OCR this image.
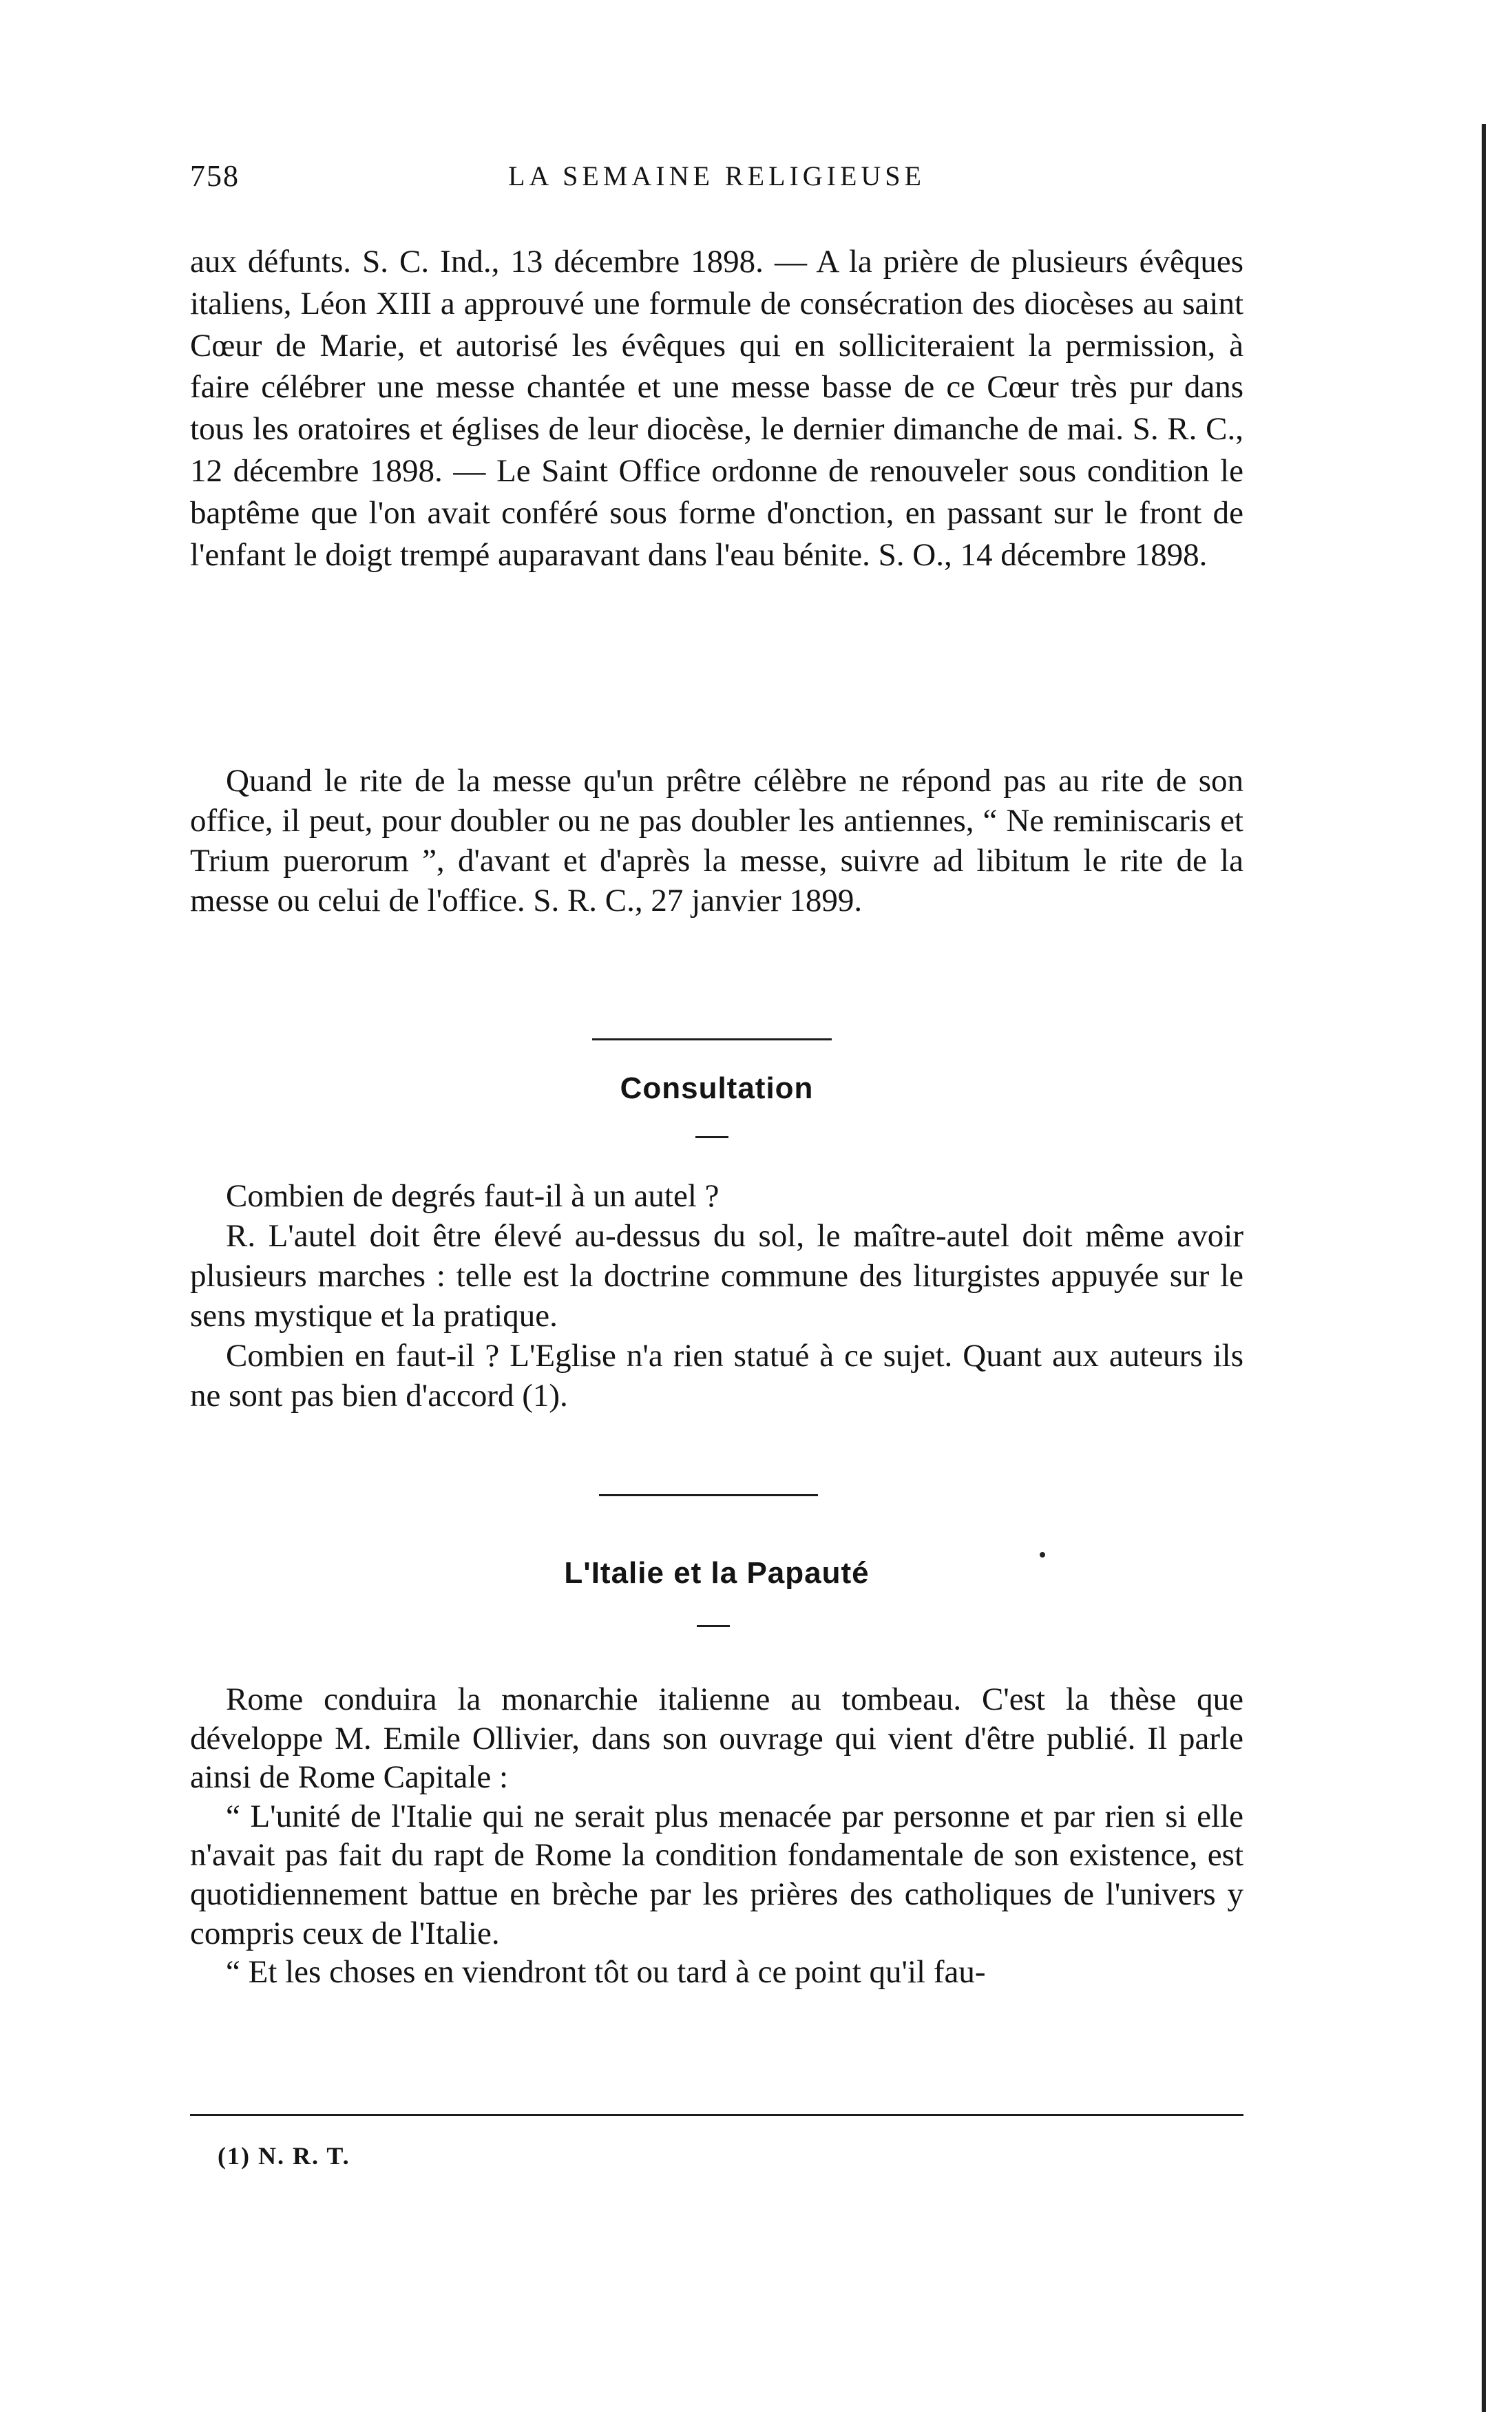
758	LA SEMAINE RELIGIEUSE

aux défunts. S. C. Ind., 13 décembre 1898. — A la prière de plusieurs évêques italiens, Léon XIII a approuvé une formule de consécration des diocèses au saint Cœur de Marie, et autorisé les évêques qui en solliciteraient la permission, à faire célébrer une messe chantée et une messe basse de ce Cœur très pur dans tous les oratoires et églises de leur diocèse, le dernier dimanche de mai. S. R. C., 12 décembre 1898. — Le Saint Office ordonne de renouveler sous condition le baptême que l'on avait conféré sous forme d'onction, en passant sur le front de l'enfant le doigt trempé auparavant dans l'eau bénite. S. O., 14 décembre 1898.

Quand le rite de la messe qu'un prêtre célèbre ne répond pas au rite de son office, il peut, pour doubler ou ne pas doubler les antiennes, “ Ne reminiscaris et Trium puerorum ”, d'avant et d'après la messe, suivre ad libitum le rite de la messe ou celui de l'office. S. R. C., 27 janvier 1899.

Consultation

Combien de degrés faut-il à un autel ?

R. L'autel doit être élevé au-dessus du sol, le maître-autel doit même avoir plusieurs marches : telle est la doctrine commune des liturgistes appuyée sur le sens mystique et la pratique.

Combien en faut-il ? L'Eglise n'a rien statué à ce sujet. Quant aux auteurs ils ne sont pas bien d'accord (1).

L'Italie et la Papauté

Rome conduira la monarchie italienne au tombeau. C'est la thèse que développe M. Emile Ollivier, dans son ouvrage qui vient d'être publié. Il parle ainsi de Rome Capitale :

“ L'unité de l'Italie qui ne serait plus menacée par personne et par rien si elle n'avait pas fait du rapt de Rome la condition fondamentale de son existence, est quotidiennement battue en brèche par les prières des catholiques de l'univers y compris ceux de l'Italie.

“ Et les choses en viendront tôt ou tard à ce point qu'il fau-

(1) N. R. T.
